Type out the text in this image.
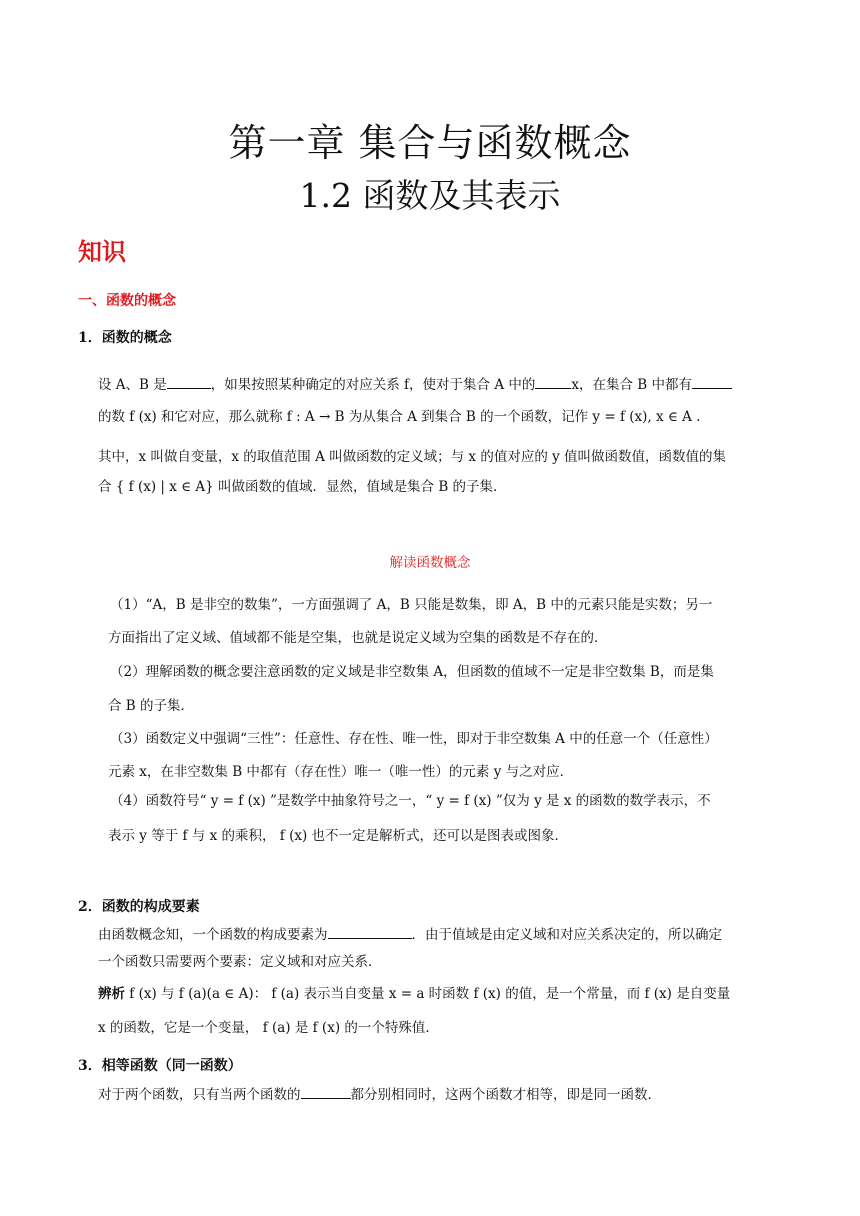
第一章 集合与函数概念
1.2 函数及其表示
知识
一、函数的概念
1．函数的概念
设 A、B 是	，如果按照某种确定的对应关系 f，使对于集合 A 中的	x，在集合 B 中都有
的数 f (x) 和它对应，那么就称 f : A → B 为从集合 A 到集合 B 的一个函数，记作 y = f (x), x ∈ A .
其中，x 叫做自变量，x 的取值范围 A 叫做函数的定义域；与 x 的值对应的 y 值叫做函数值，函数值的集
合 { f (x) | x ∈ A} 叫做函数的值域．显然，值域是集合 B 的子集．
解读函数概念
（1）“A，B 是非空的数集”，一方面强调了 A，B 只能是数集，即 A，B 中的元素只能是实数；另一
方面指出了定义域、值域都不能是空集，也就是说定义域为空集的函数是不存在的．
（2）理解函数的概念要注意函数的定义域是非空数集 A，但函数的值域不一定是非空数集 B，而是集
合 B 的子集．
（3）函数定义中强调“三性”：任意性、存在性、唯一性，即对于非空数集 A 中的任意一个（任意性）
元素 x，在非空数集 B 中都有（存在性）唯一（唯一性）的元素 y 与之对应．
（4）函数符号“ y = f (x) ”是数学中抽象符号之一，“ y = f (x) ”仅为 y 是 x 的函数的数学表示，不
表示 y 等于 f 与 x 的乘积， f (x) 也不一定是解析式，还可以是图表或图象．
2．函数的构成要素
由函数概念知，一个函数的构成要素为	．由于值域是由定义域和对应关系决定的，所以确定
一个函数只需要两个要素：定义域和对应关系．
辨析 f (x) 与 f (a)(a ∈ A)： f (a) 表示当自变量 x = a 时函数 f (x) 的值，是一个常量，而 f (x) 是自变量
x 的函数，它是一个变量， f (a) 是 f (x) 的一个特殊值．
3．相等函数（同一函数）
对于两个函数，只有当两个函数的	都分别相同时，这两个函数才相等，即是同一函数．
